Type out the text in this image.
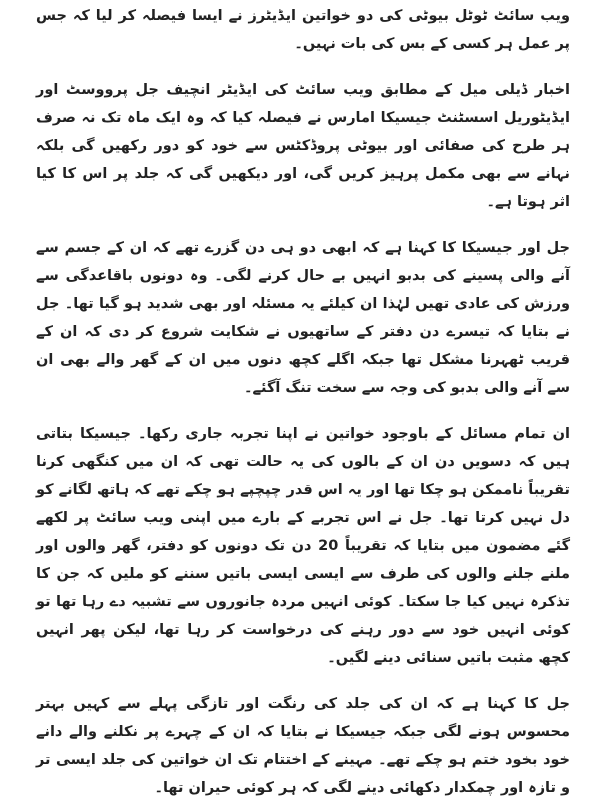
ویب سائٹ ٹوٹل بیوٹی کی دو خواتین ایڈیٹرز نے ایسا فیصلہ کر لیا کہ جس پر عمل ہر کسی کے بس کی بات نہیں۔

اخبار ڈیلی میل کے مطابق ویب سائٹ کی ایڈیٹر انچیف جل پرووسٹ اور ایڈیٹوریل اسسٹنٹ جیسیکا امارس نے فیصلہ کیا کہ وہ ایک ماہ تک نہ صرف ہر طرح کی صفائی اور بیوٹی پروڈکٹس سے خود کو دور رکھیں گی بلکہ نہانے سے بھی مکمل پرہیز کریں گی، اور دیکھیں گی کہ جلد پر اس کا کیا اثر ہوتا ہے۔

جل اور جیسیکا کا کہنا ہے کہ ابھی دو ہی دن گزرے تھے کہ ان کے جسم سے آنے والی پسینے کی بدبو انہیں بے حال کرنے لگی۔ وہ دونوں باقاعدگی سے ورزش کی عادی تھیں لہٰذا ان کیلئے یہ مسئلہ اور بھی شدید ہو گیا تھا۔ جل نے بتایا کہ تیسرے دن دفتر کے ساتھیوں نے شکایت شروع کر دی کہ ان کے قریب ٹھہرنا مشکل تھا جبکہ اگلے کچھ دنوں میں ان کے گھر والے بھی ان سے آنے والی بدبو کی وجہ سے سخت تنگ آگئے۔

ان تمام مسائل کے باوجود خواتین نے اپنا تجربہ جاری رکھا۔ جیسیکا بتاتی ہیں کہ دسویں دن ان کے بالوں کی یہ حالت تھی کہ ان میں کنگھی کرنا تقریباً ناممکن ہو چکا تھا اور یہ اس قدر چپچپے ہو چکے تھے کہ ہاتھ لگانے کو دل نہیں کرتا تھا۔ جل نے اس تجربے کے بارے میں اپنی ویب سائٹ پر لکھے گئے مضمون میں بتایا کہ تقریباً 20 دن تک دونوں کو دفتر، گھر والوں اور ملنے جلنے والوں کی طرف سے ایسی ایسی باتیں سننے کو ملیں کہ جن کا تذکرہ نہیں کیا جا سکتا۔ کوئی انہیں مردہ جانوروں سے تشبیہ دے رہا تھا تو کوئی انہیں خود سے دور رہنے کی درخواست کر رہا تھا، لیکن پھر انہیں کچھ مثبت باتیں سنائی دینے لگیں۔

جل کا کہنا ہے کہ ان کی جلد کی رنگت اور تازگی پہلے سے کہیں بہتر محسوس ہونے لگی جبکہ جیسیکا نے بتایا کہ ان کے چہرے پر نکلنے والے دانے خود بخود ختم ہو چکے تھے۔ مہینے کے اختتام تک ان خواتین کی جلد ایسی تر و تازہ اور چمکدار دکھائی دینے لگی کہ ہر کوئی حیران تھا۔
